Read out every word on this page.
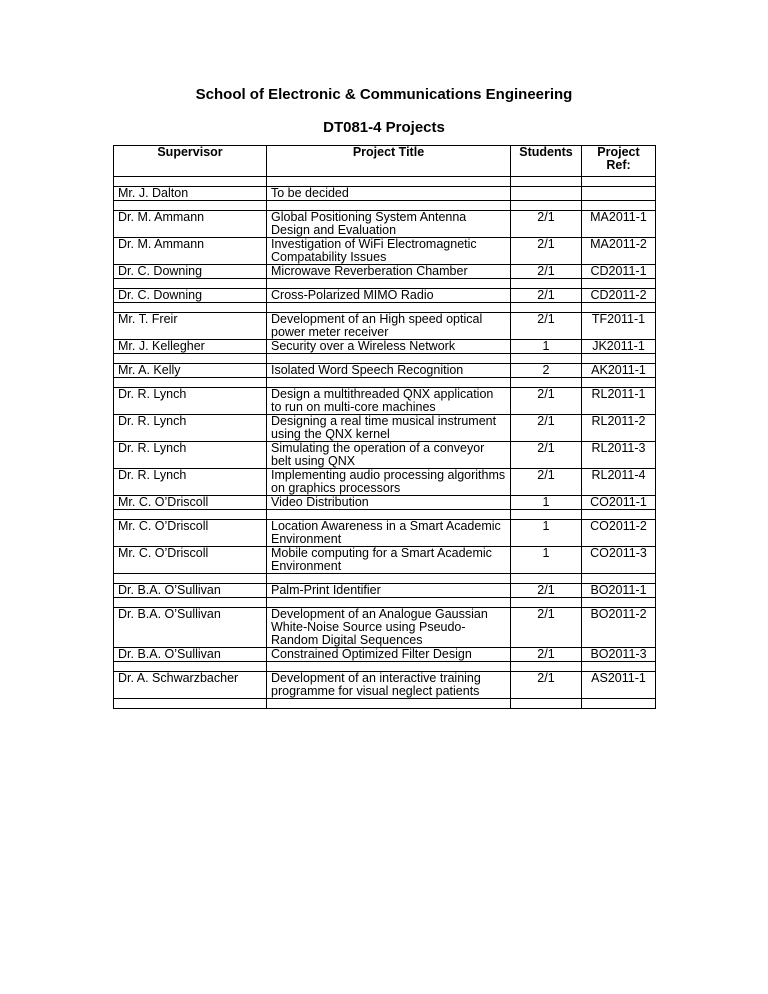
School of Electronic & Communications Engineering
DT081-4 Projects
Supervisor	Project Title	Students	Project
Ref:

Mr. J. Dalton	To be decided		

Dr. M. Ammann	Global Positioning System Antenna Design and Evaluation	2/1	MA2011-1
Dr. M. Ammann	Investigation of WiFi Electromagnetic Compatability Issues	2/1	MA2011-2
Dr. C. Downing	Microwave Reverberation Chamber	2/1	CD2011-1

Dr. C. Downing	Cross-Polarized MIMO Radio	2/1	CD2011-2

Mr. T. Freir	Development of an High speed optical power meter receiver	2/1	TF2011-1
Mr. J. Kellegher	Security over a Wireless Network	1	JK2011-1

Mr. A. Kelly	Isolated Word Speech Recognition	2	AK2011-1

Dr. R. Lynch	Design a multithreaded QNX application to run on multi-core machines	2/1	RL2011-1
Dr. R. Lynch	Designing a real time musical instrument using the QNX kernel	2/1	RL2011-2
Dr. R. Lynch	Simulating the operation of a conveyor belt using QNX	2/1	RL2011-3
Dr. R. Lynch	Implementing audio processing algorithms on graphics processors	2/1	RL2011-4
Mr. C. O’Driscoll	Video Distribution	1	CO2011-1

Mr. C. O’Driscoll	Location Awareness in a Smart Academic Environment	1	CO2011-2
Mr. C. O’Driscoll	Mobile computing for a Smart Academic Environment	1	CO2011-3

Dr. B.A. O’Sullivan	Palm-Print Identifier	2/1	BO2011-1

Dr. B.A. O’Sullivan	Development of an Analogue Gaussian White-Noise Source using Pseudo-Random Digital Sequences	2/1	BO2011-2
Dr. B.A. O’Sullivan	Constrained Optimized Filter Design	2/1	BO2011-3

Dr. A. Schwarzbacher	Development of an interactive training programme for visual neglect patients	2/1	AS2011-1
